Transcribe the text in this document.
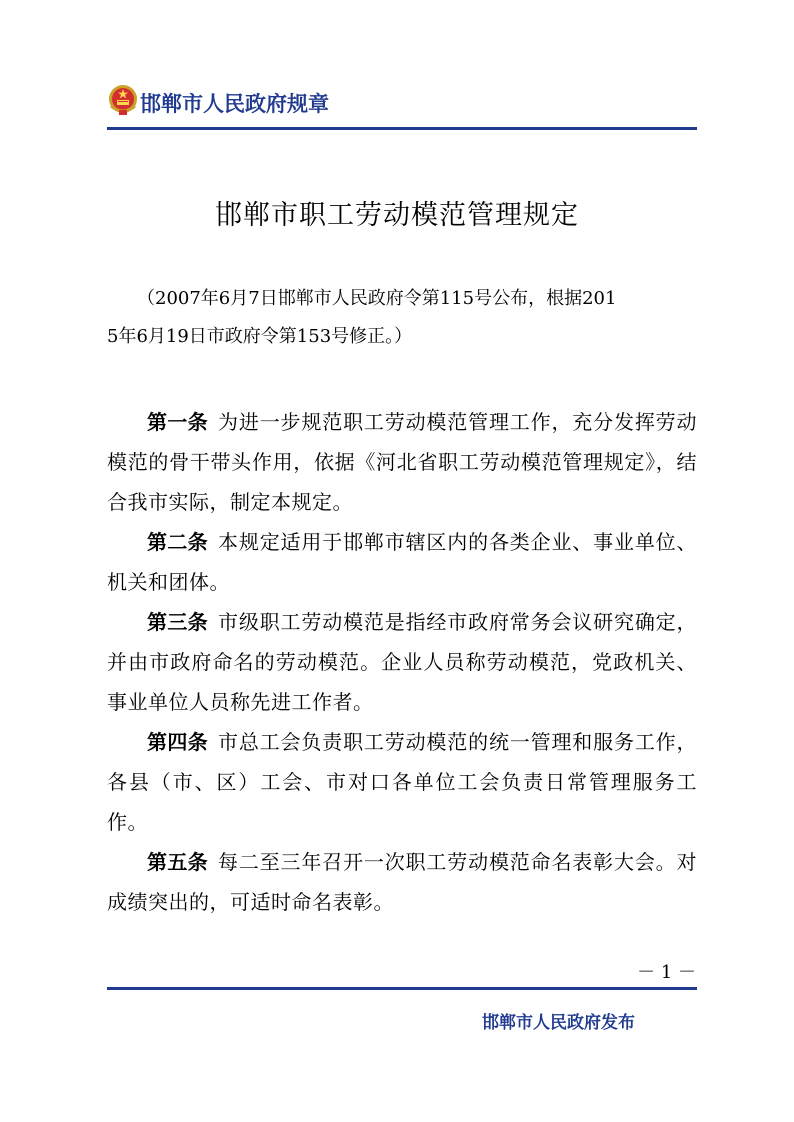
邯郸市人民政府规章
邯郸市职工劳动模范管理规定
（2007年6月7日邯郸市人民政府令第115号公布，根据201
5年6月19日市政府令第153号修正。）

第一条 为进一步规范职工劳动模范管理工作，充分发挥劳动模范的骨干带头作用，依据《河北省职工劳动模范管理规定》，结合我市实际，制定本规定。

第二条 本规定适用于邯郸市辖区内的各类企业、事业单位、机关和团体。

第三条 市级职工劳动模范是指经市政府常务会议研究确定，并由市政府命名的劳动模范。企业人员称劳动模范，党政机关、事业单位人员称先进工作者。

第四条 市总工会负责职工劳动模范的统一管理和服务工作，各县（市、区）工会、市对口各单位工会负责日常管理服务工作。

第五条 每二至三年召开一次职工劳动模范命名表彰大会。对成绩突出的，可适时命名表彰。

－ 1 －
邯郸市人民政府发布
